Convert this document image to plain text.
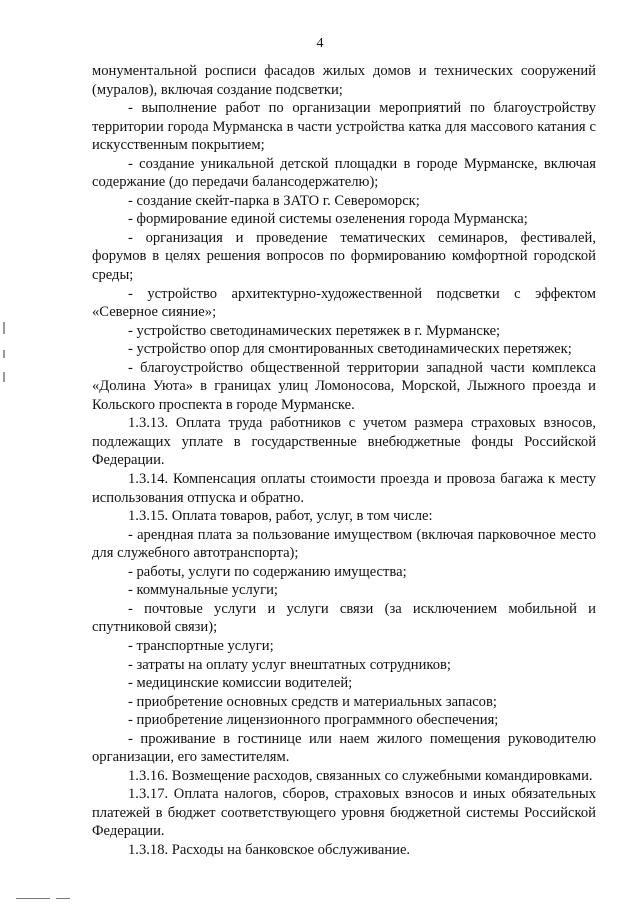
4

монументальной росписи фасадов жилых домов и технических сооружений (муралов), включая создание подсветки;

- выполнение работ по организации мероприятий по благоустройству территории города Мурманска в части устройства катка для массового катания с искусственным покрытием;

- создание уникальной детской площадки в городе Мурманске, включая содержание (до передачи балансодержателю);

- создание скейт-парка в ЗАТО г. Североморск;

- формирование единой системы озеленения города Мурманска;

- организация и проведение тематических семинаров, фестивалей, форумов в целях решения вопросов по формированию комфортной городской среды;

- устройство архитектурно-художественной подсветки с эффектом «Северное сияние»;

- устройство светодинамических перетяжек в г. Мурманске;

- устройство опор для смонтированных светодинамических перетяжек;

- благоустройство общественной территории западной части комплекса «Долина Уюта» в границах улиц Ломоносова, Морской, Лыжного проезда и Кольского проспекта в городе Мурманске.

1.3.13. Оплата труда работников с учетом размера страховых взносов, подлежащих уплате в государственные внебюджетные фонды Российской Федерации.

1.3.14. Компенсация оплаты стоимости проезда и провоза багажа к месту использования отпуска и обратно.

1.3.15. Оплата товаров, работ, услуг, в том числе:

- арендная плата за пользование имуществом (включая парковочное место для служебного автотранспорта);

- работы, услуги по содержанию имущества;

- коммунальные услуги;

- почтовые услуги и услуги связи (за исключением мобильной и спутниковой связи);

- транспортные услуги;

- затраты на оплату услуг внештатных сотрудников;

- медицинские комиссии водителей;

- приобретение основных средств и материальных запасов;

- приобретение лицензионного программного обеспечения;

- проживание в гостинице или наем жилого помещения руководителю организации, его заместителям.

1.3.16. Возмещение расходов, связанных со служебными командировками.

1.3.17. Оплата налогов, сборов, страховых взносов и иных обязательных платежей в бюджет соответствующего уровня бюджетной системы Российской Федерации.

1.3.18. Расходы на банковское обслуживание.
